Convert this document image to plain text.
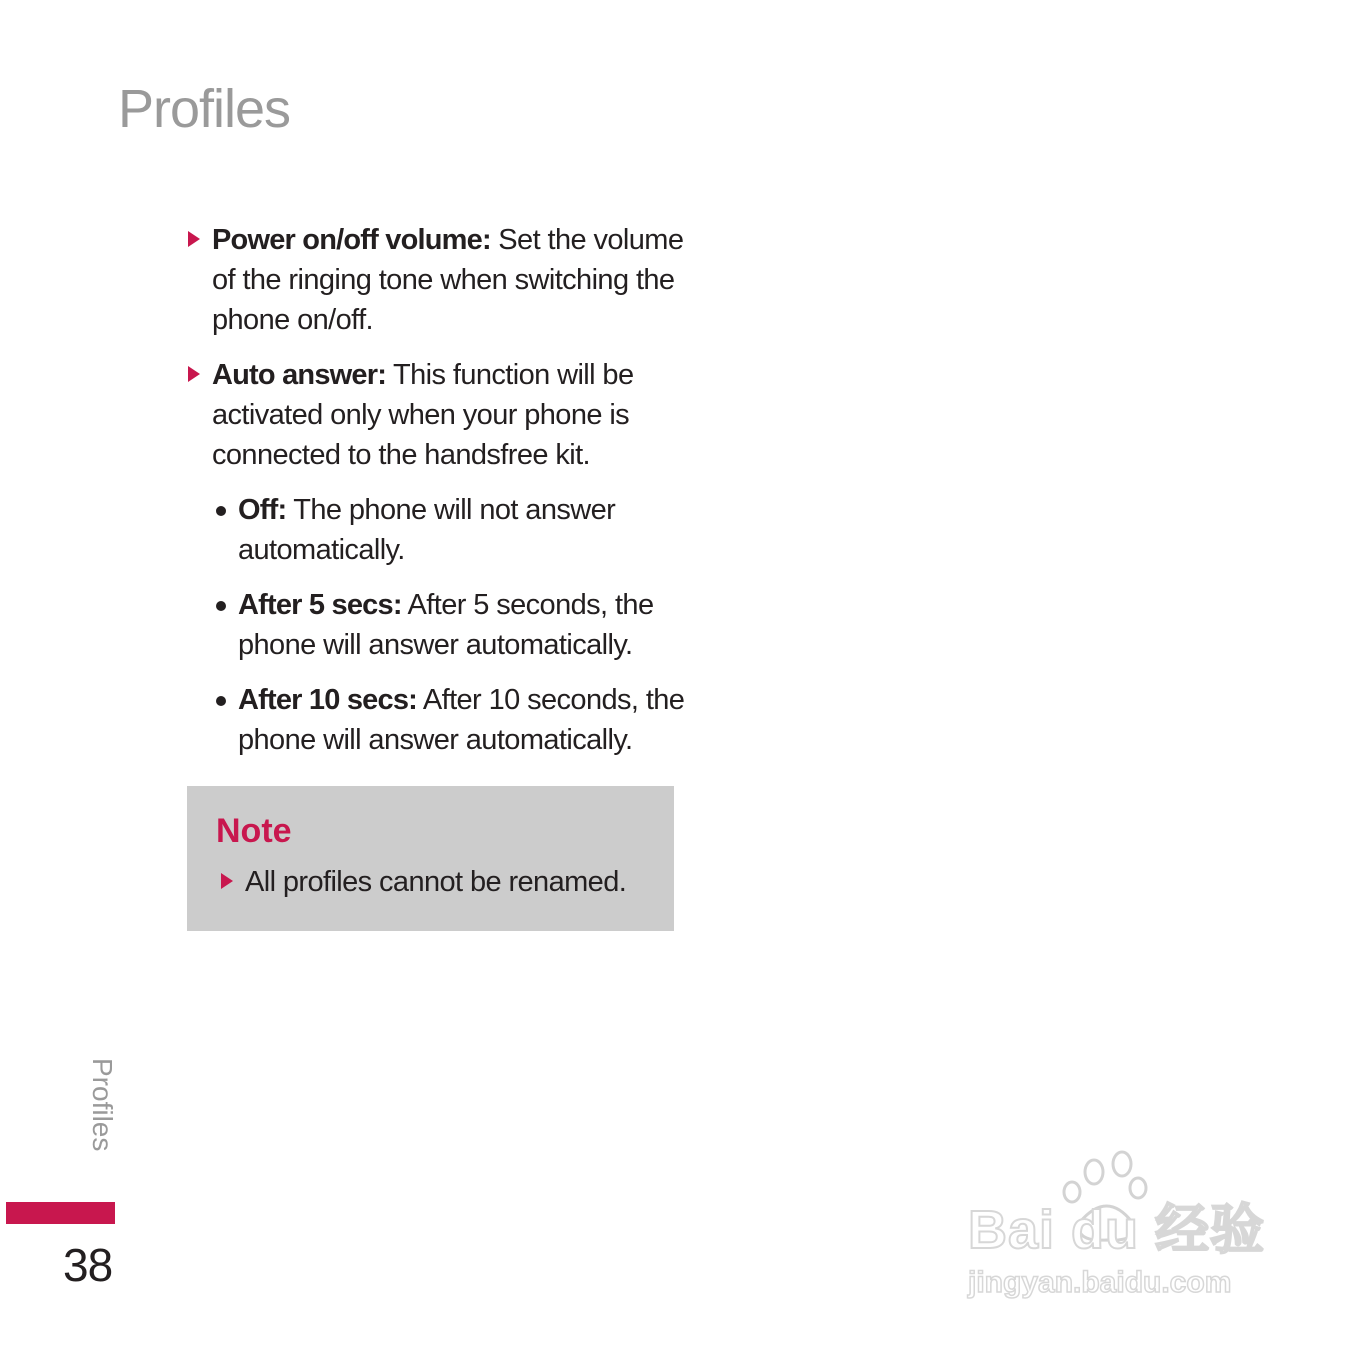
Profiles
Power on/off volume: Set the volume of the ringing tone when switching the phone on/off.
Auto answer: This function will be activated only when your phone is connected to the handsfree kit.
Off: The phone will not answer automatically.
After 5 secs: After 5 seconds, the phone will answer automatically.
After 10 secs: After 10 seconds, the phone will answer automatically.
Note
All profiles cannot be renamed.
Profiles
38
Bai du 经验
jingyan.baidu.com
